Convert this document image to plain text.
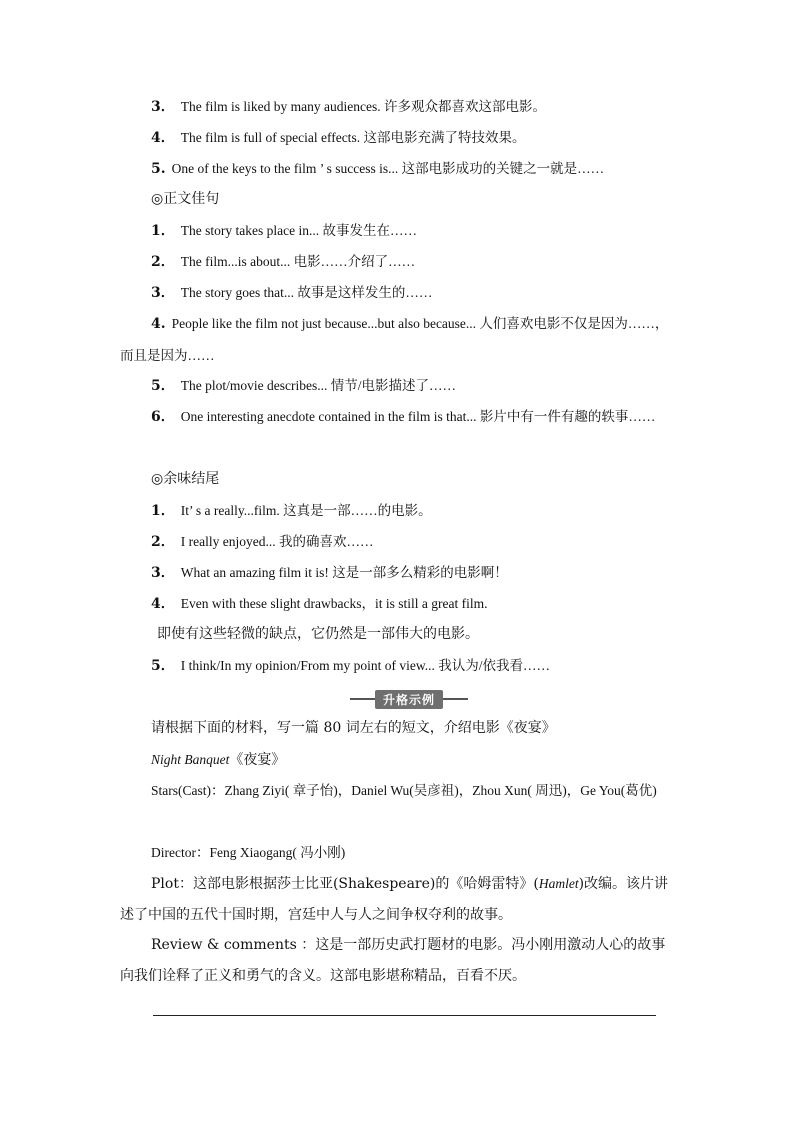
3． The film is liked by many audiences. 许多观众都喜欢这部电影。
4． The film is full of special effects. 这部电影充满了特技效果。
5. One of the keys to the film ’ s success is... 这部电影成功的关键之一就是……
◎正文佳句
1． The story takes place in... 故事发生在……
2． The film...is about... 电影……介绍了……
3． The story goes that... 故事是这样发生的……
4. People like the film not just because...but also because... 人们喜欢电影不仅是因为……，而且是因为……
5． The plot/movie describes... 情节/电影描述了……
6． One interesting anecdote contained in the film is that... 影片中有一件有趣的轶事……
◎余味结尾
1． It’ s a really...film. 这真是一部……的电影。
2． I really enjoyed... 我的确喜欢……
3． What an amazing film it is! 这是一部多么精彩的电影啊！
4． Even with these slight drawbacks，it is still a great film.
即使有这些轻微的缺点，它仍然是一部伟大的电影。
5． I think/In my opinion/From my point of view... 我认为/依我看……
升格示例
请根据下面的材料，写一篇 80 词左右的短文，介绍电影《夜宴》
Night Banquet《夜宴》
Stars(Cast)：Zhang Ziyi( 章子怡)，Daniel Wu(吴彦祖)，Zhou Xun( 周迅)，Ge You(葛优)
Director：Feng Xiaogang( 冯小刚)
Plot：这部电影根据莎士比亚(Shakespeare)的《哈姆雷特》(Hamlet)改编。该片讲述了中国的五代十国时期，宫廷中人与人之间争权夺利的故事。
Review & comments ：这是一部历史武打题材的电影。冯小刚用激动人心的故事向我们诠释了正义和勇气的含义。这部电影堪称精品，百看不厌。
